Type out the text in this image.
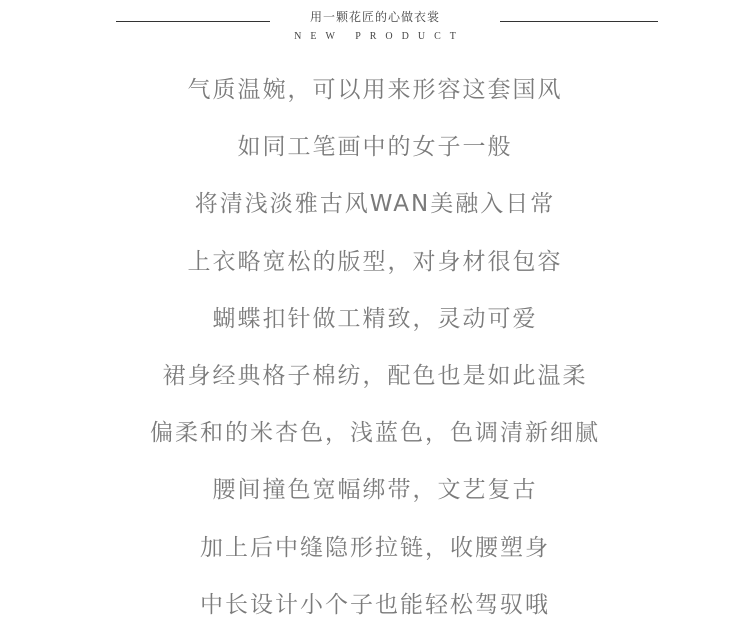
用一颗花匠的心做衣裳
NEW PRODUCT
气质温婉，可以用来形容这套国风
如同工笔画中的女子一般
将清浅淡雅古风WAN美融入日常
上衣略宽松的版型，对身材很包容
蝴蝶扣针做工精致，灵动可爱
裙身经典格子棉纺，配色也是如此温柔
偏柔和的米杏色，浅蓝色，色调清新细腻
腰间撞色宽幅绑带，文艺复古
加上后中缝隐形拉链，收腰塑身
中长设计小个子也能轻松驾驭哦
